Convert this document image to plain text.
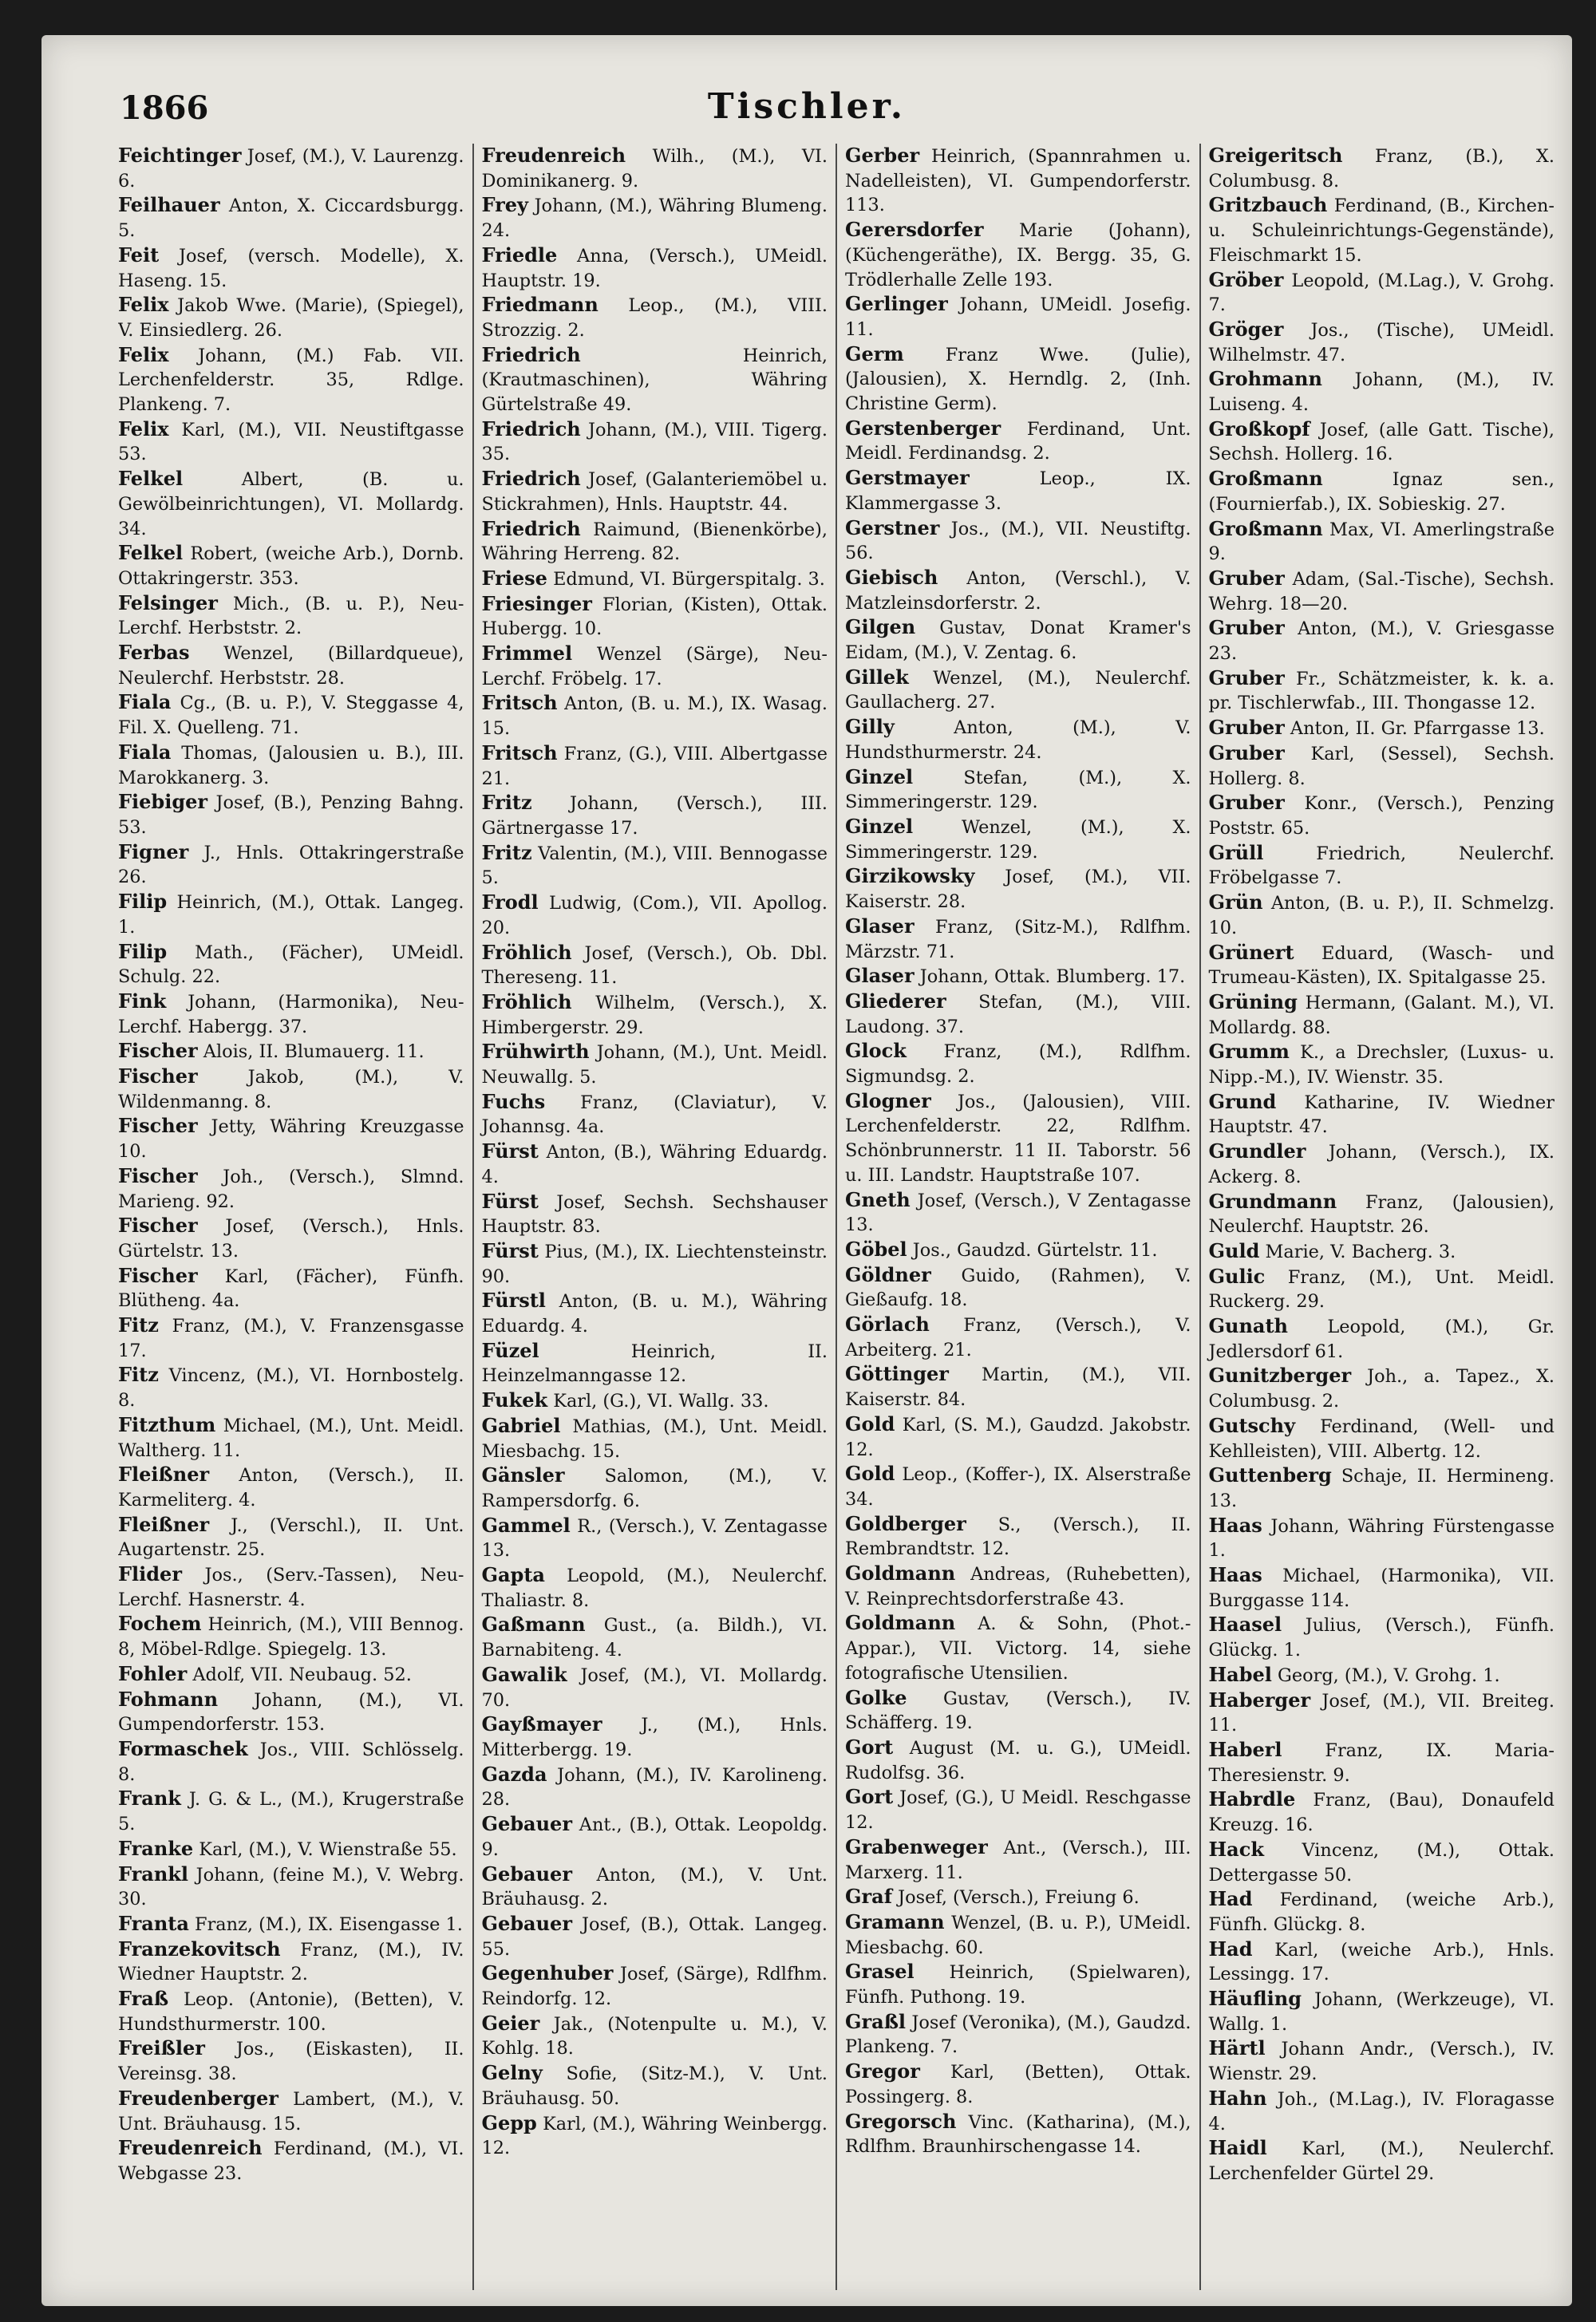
1866	Tischler.

Feichtinger Josef, (M.), V. Laurenzg. 6.

Feilhauer Anton, X. Ciccardsburgg. 5.

Feit Josef, (versch. Modelle), X. Haseng. 15.

Felix Jakob Wwe. (Marie), (Spiegel), V. Einsiedlerg. 26.

Felix Johann, (M.) Fab. VII. Lerchenfelderstr. 35, Rdlge. Plankeng. 7.

Felix Karl, (M.), VII. Neustiftgasse 53.

Felkel	Albert, (B. u. Gewölbeinrichtungen), VI. Mollardg. 34.

Felkel Robert, (weiche Arb.), Dornb. Ottakringerstr. 353.

Felsinger Mich., (B. u. P.), Neu-Lerchf. Herbststr. 2.

Ferbas Wenzel, (Billardqueue), Neulerchf. Herbststr. 28.

Fiala Cg., (B. u. P.), V. Steggasse 4, Fil. X. Quelleng. 71.

Fiala Thomas, (Jalousien u. B.), III. Marokkanerg. 3.

Fiebiger Josef, (B.), Penzing Bahng. 53.

Figner J., Hnls. Ottakringerstraße 26.

Filip Heinrich, (M.), Ottak. Langeg. 1.

Filip Math., (Fächer), UMeidl. Schulg. 22.

Fink Johann, (Harmonika), Neu-Lerchf. Habergg. 37.

Fischer Alois, II. Blumauerg. 11.

Fischer	Jakob, (M.), V. Wildenmanng. 8.

Fischer Jetty, Währing Kreuzgasse 10.

Fischer Joh., (Versch.), Slmnd. Marieng. 92.

Fischer Josef, (Versch.), Hnls. Gürtelstr. 13.

Fischer Karl, (Fächer), Fünfh. Blütheng. 4a.

Fitz Franz, (M.), V. Franzensgasse 17.

Fitz Vincenz, (M.), VI. Hornbostelg. 8.

Fitzthum Michael, (M.), Unt. Meidl. Waltherg. 11.

Fleißner Anton, (Versch.), II. Karmeliterg. 4.

Fleißner J., (Verschl.), II. Unt. Augartenstr. 25.

Flider Jos., (Serv.-Tassen), Neu-Lerchf. Hasnerstr. 4.

Fochem Heinrich, (M.), VIII Bennog. 8, Möbel-Rdlge. Spiegelg. 13.

Fohler Adolf, VII. Neubaug. 52.

Fohmann Johann, (M.), VI. Gumpendorferstr. 153.

Formaschek Jos., VIII. Schlösselg. 8.

Frank J. G. & L., (M.), Krugerstraße 5.

Franke Karl, (M.), V. Wienstraße 55.

Frankl Johann, (feine M.), V. Webrg. 30.

Franta Franz, (M.), IX. Eisengasse 1.

Franzekovitsch Franz, (M.), IV. Wiedner Hauptstr. 2.

Fraß Leop. (Antonie), (Betten), V. Hundsthurmerstr. 100.

Freißler Jos., (Eiskasten), II. Vereinsg. 38.

Freudenberger Lambert, (M.), V. Unt. Bräuhausg. 15.

Freudenreich Ferdinand, (M.), VI. Webgasse 23.

Freudenreich Wilh., (M.), VI. Dominikanerg. 9.

Frey Johann, (M.), Währing Blumeng. 24.

Friedle Anna, (Versch.), UMeidl. Hauptstr. 19.

Friedmann Leop., (M.), VIII. Strozzig. 2.

Friedrich	Heinrich, (Krautmaschinen), Währing Gürtelstraße 49.

Friedrich Johann, (M.), VIII. Tigerg. 35.

Friedrich Josef, (Galanteriemöbel u. Stickrahmen), Hnls. Hauptstr. 44.

Friedrich Raimund, (Bienenkörbe), Währing Herreng. 82.

Friese Edmund, VI. Bürgerspitalg. 3.

Friesinger Florian, (Kisten), Ottak. Hubergg. 10.

Frimmel Wenzel (Särge), Neu-Lerchf. Fröbelg. 17.

Fritsch Anton, (B. u. M.), IX. Wasag. 15.

Fritsch Franz, (G.), VIII. Albertgasse 21.

Fritz Johann, (Versch.), III. Gärtnergasse 17.

Fritz Valentin, (M.), VIII. Bennogasse 5.

Frodl Ludwig, (Com.), VII. Apollog. 20.

Fröhlich Josef, (Versch.), Ob. Dbl. Thereseng. 11.

Fröhlich Wilhelm, (Versch.), X. Himbergerstr. 29.

Frühwirth Johann, (M.), Unt. Meidl. Neuwallg. 5.

Fuchs Franz, (Claviatur), V. Johannsg. 4a.

Fürst Anton, (B.), Währing Eduardg. 4.

Fürst Josef, Sechsh. Sechshauser Hauptstr. 83.

Fürst Pius, (M.), IX. Liechtensteinstr. 90.

Fürstl Anton, (B. u. M.), Währing Eduardg. 4.

Füzel	Heinrich, II. Heinzelmanngasse 12.

Fukek Karl, (G.), VI. Wallg. 33.

Gabriel Mathias, (M.), Unt. Meidl. Miesbachg. 15.

Gänsler Salomon, (M.), V. Rampersdorfg. 6.

Gammel R., (Versch.), V. Zentagasse 13.

Gapta Leopold, (M.), Neulerchf. Thaliastr. 8.

Gaßmann Gust., (a. Bildh.), VI. Barnabiteng. 4.

Gawalik Josef, (M.), VI. Mollardg. 70.

Gayßmayer J., (M.), Hnls. Mitterbergg. 19.

Gazda Johann, (M.), IV. Karolineng. 28.

Gebauer Ant., (B.), Ottak. Leopoldg. 9.

Gebauer Anton, (M.), V. Unt. Bräuhausg. 2.

Gebauer Josef, (B.), Ottak. Langeg. 55.

Gegenhuber Josef, (Särge), Rdlfhm. Reindorfg. 12.

Geier Jak., (Notenpulte u. M.), V. Kohlg. 18.

Gelny Sofie, (Sitz-M.), V. Unt. Bräuhausg. 50.

Gepp Karl, (M.), Währing Weinbergg. 12.

Gerber Heinrich, (Spannrahmen u. Nadelleisten), VI. Gumpendorferstr. 113.

Gerersdorfer Marie (Johann), (Küchengeräthe), IX. Bergg. 35, G. Trödlerhalle Zelle 193.

Gerlinger Johann, UMeidl. Josefig. 11.

Germ Franz Wwe. (Julie), (Jalousien), X. Herndlg. 2, (Inh. Christine Germ).

Gerstenberger Ferdinand, Unt. Meidl. Ferdinandsg. 2.

Gerstmayer	Leop., IX. Klammergasse 3.

Gerstner Jos., (M.), VII. Neustiftg. 56.

Giebisch Anton, (Verschl.), V. Matzleinsdorferstr. 2.

Gilgen Gustav, Donat Kramer's Eidam, (M.), V. Zentag. 6.

Gillek Wenzel, (M.), Neulerchf. Gaullacherg. 27.

Gilly	Anton, (M.), V. Hundsthurmerstr. 24.

Ginzel	Stefan, (M.), X. Simmeringerstr. 129.

Ginzel	Wenzel, (M.), X. Simmeringerstr. 129.

Girzikowsky Josef, (M.), VII. Kaiserstr. 28.

Glaser Franz, (Sitz-M.), Rdlfhm. Märzstr. 71.

Glaser Johann, Ottak. Blumberg. 17.

Gliederer Stefan, (M.), VIII. Laudong. 37.

Glock Franz, (M.), Rdlfhm. Sigmundsg. 2.

Glogner Jos., (Jalousien), VIII. Lerchenfelderstr. 22, Rdlfhm. Schönbrunnerstr. 11 II. Taborstr. 56 u. III. Landstr. Hauptstraße 107.

Gneth Josef, (Versch.), V Zentagasse 13.

Göbel Jos., Gaudzd. Gürtelstr. 11.

Göldner Guido, (Rahmen), V. Gießaufg. 18.

Görlach Franz, (Versch.), V. Arbeiterg. 21.

Göttinger Martin, (M.), VII. Kaiserstr. 84.

Gold Karl, (S. M.), Gaudzd. Jakobstr. 12.

Gold Leop., (Koffer-), IX. Alserstraße 34.

Goldberger S., (Versch.), II. Rembrandtstr. 12.

Goldmann Andreas, (Ruhebetten), V. Reinprechtsdorferstraße 43.

Goldmann A. & Sohn, (Phot.-Appar.), VII. Victorg. 14, siehe fotografische Utensilien.

Golke Gustav, (Versch.), IV. Schäfferg. 19.

Gort August (M. u. G.), UMeidl. Rudolfsg. 36.

Gort Josef, (G.), U Meidl. Reschgasse 12.

Grabenweger Ant., (Versch.), III. Marxerg. 11.

Graf Josef, (Versch.), Freiung 6.

Gramann Wenzel, (B. u. P.), UMeidl. Miesbachg. 60.

Grasel Heinrich, (Spielwaren), Fünfh. Puthong. 19.

Graßl Josef (Veronika), (M.), Gaudzd. Plankeng. 7.

Gregor Karl, (Betten), Ottak. Possingerg. 8.

Gregorsch Vinc. (Katharina), (M.), Rdlfhm. Braunhirschengasse 14.

Greigeritsch Franz, (B.), X. Columbusg. 8.

Gritzbauch Ferdinand, (B., Kirchen- u. Schuleinrichtungs-Gegenstände), Fleischmarkt 15.

Gröber Leopold, (M.Lag.), V. Grohg. 7.

Gröger Jos., (Tische), UMeidl. Wilhelmstr. 47.

Grohmann Johann, (M.), IV. Luiseng. 4.

Großkopf Josef, (alle Gatt. Tische), Sechsh. Hollerg. 16.

Großmann	Ignaz sen., (Fournierfab.), IX. Sobieskig. 27.

Großmann Max, VI. Amerlingstraße 9.

Gruber Adam, (Sal.-Tische), Sechsh. Wehrg. 18—20.

Gruber Anton, (M.), V. Griesgasse 23.

Gruber Fr., Schätzmeister, k. k. a. pr. Tischlerwfab., III. Thongasse 12.

Gruber Anton, II. Gr. Pfarrgasse 13.

Gruber Karl, (Sessel), Sechsh. Hollerg. 8.

Gruber Konr., (Versch.), Penzing Poststr. 65.

Grüll	Friedrich, Neulerchf. Fröbelgasse 7.

Grün Anton, (B. u. P.), II. Schmelzg. 10.

Grünert Eduard, (Wasch- und Trumeau-Kästen), IX. Spitalgasse 25.

Grüning Hermann, (Galant. M.), VI. Mollardg. 88.

Grumm K., a Drechsler, (Luxus- u. Nipp.-M.), IV. Wienstr. 35.

Grund Katharine, IV. Wiedner Hauptstr. 47.

Grundler Johann, (Versch.), IX. Ackerg. 8.

Grundmann Franz, (Jalousien), Neulerchf. Hauptstr. 26.

Guld Marie, V. Bacherg. 3.

Gulic Franz, (M.), Unt. Meidl. Ruckerg. 29.

Gunath Leopold, (M.), Gr. Jedlersdorf 61.

Gunitzberger Joh., a. Tapez., X. Columbusg. 2.

Gutschy Ferdinand, (Well- und Kehlleisten), VIII. Albertg. 12.

Guttenberg Schaje, II. Hermineng. 13.

Haas Johann, Währing Fürstengasse 1.

Haas Michael, (Harmonika), VII. Burggasse 114.

Haasel Julius, (Versch.), Fünfh. Glückg. 1.

Habel Georg, (M.), V. Grohg. 1.

Haberger Josef, (M.), VII. Breiteg. 11.

Haberl Franz, IX. Maria-Theresienstr. 9.

Habrdle Franz, (Bau), Donaufeld Kreuzg. 16.

Hack Vincenz, (M.), Ottak. Dettergasse 50.

Had Ferdinand, (weiche Arb.), Fünfh. Glückg. 8.

Had Karl, (weiche Arb.), Hnls. Lessingg. 17.

Häufling Johann, (Werkzeuge), VI. Wallg. 1.

Härtl Johann Andr., (Versch.), IV. Wienstr. 29.

Hahn Joh., (M.Lag.), IV. Floragasse 4.

Haidl Karl, (M.), Neulerchf. Lerchenfelder Gürtel 29.
